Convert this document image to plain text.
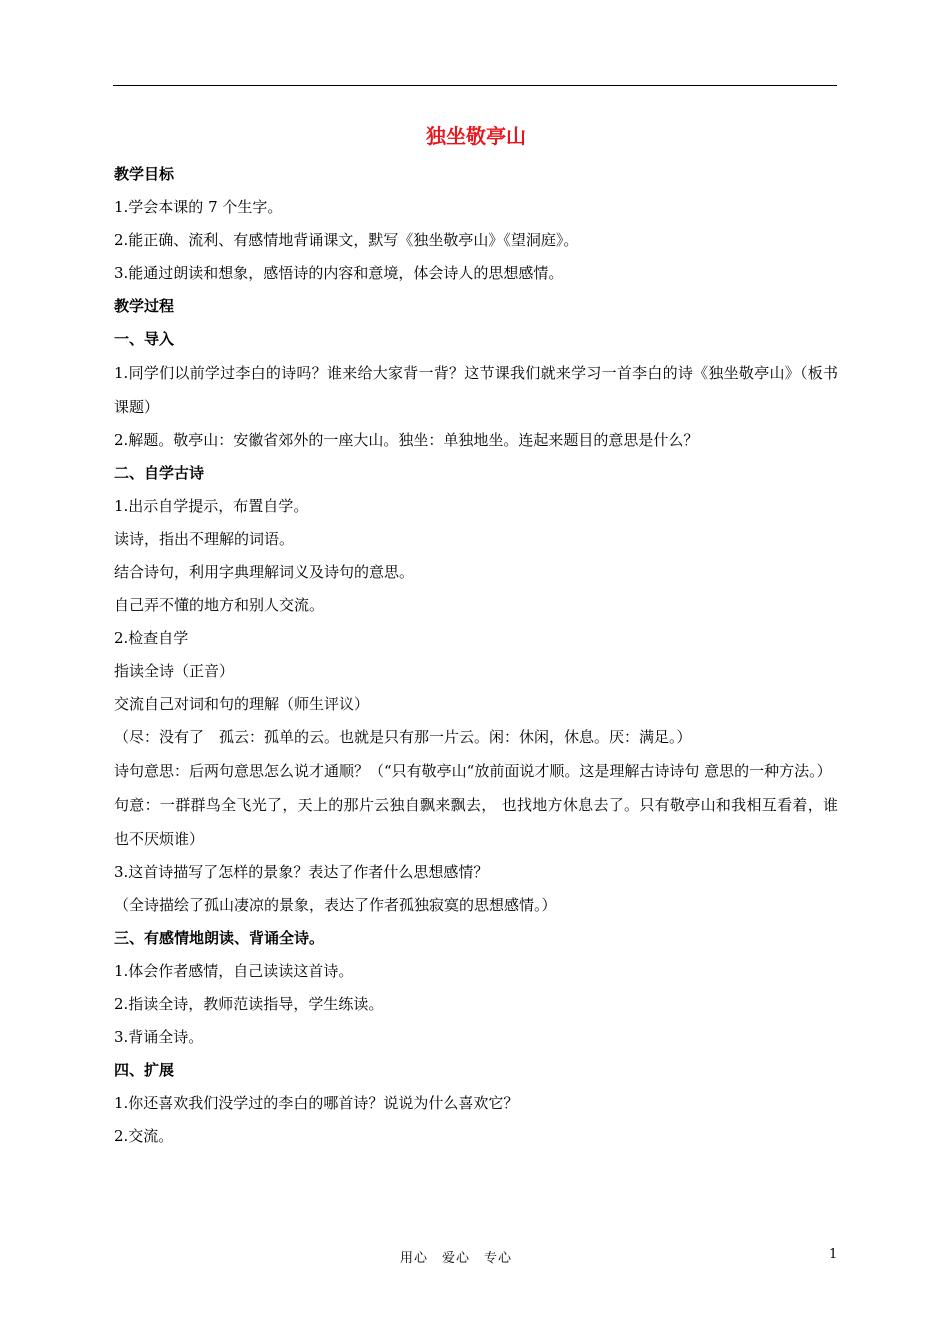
独坐敬亭山
教学目标
1.学会本课的 7 个生字。
2.能正确、流利、有感情地背诵课文，默写《独坐敬亭山》《望洞庭》。
3.能通过朗读和想象，感悟诗的内容和意境，体会诗人的思想感情。
教学过程
一、导入
1.同学们以前学过李白的诗吗？谁来给大家背一背？这节课我们就来学习一首李白的诗《独坐敬亭山》（板书课题）
2.解题。敬亭山：安徽省郊外的一座大山。独坐：单独地坐。连起来题目的意思是什么？
二、自学古诗
1.出示自学提示，布置自学。
读诗，指出不理解的词语。
结合诗句，利用字典理解词义及诗句的意思。
自己弄不懂的地方和别人交流。
2.检查自学
指读全诗（正音）
交流自己对词和句的理解（师生评议）
（尽：没有了　孤云：孤单的云。也就是只有那一片云。闲：休闲，休息。厌：满足。）
诗句意思：后两句意思怎么说才通顺？（“只有敬亭山“放前面说才顺。这是理解古诗诗句 意思的一种方法。）
句意：一群群鸟全飞光了，天上的那片云独自飘来飘去， 也找地方休息去了。只有敬亭山和我相互看着，谁也不厌烦谁）
3.这首诗描写了怎样的景象？表达了作者什么思想感情？
（全诗描绘了孤山凄凉的景象，表达了作者孤独寂寞的思想感情。）
三、有感情地朗读、背诵全诗。
1.体会作者感情，自己读读这首诗。
2.指读全诗，教师范读指导，学生练读。
3.背诵全诗。
四、扩展
1.你还喜欢我们没学过的李白的哪首诗？说说为什么喜欢它？
2.交流。
用心　爱心　专心	1
